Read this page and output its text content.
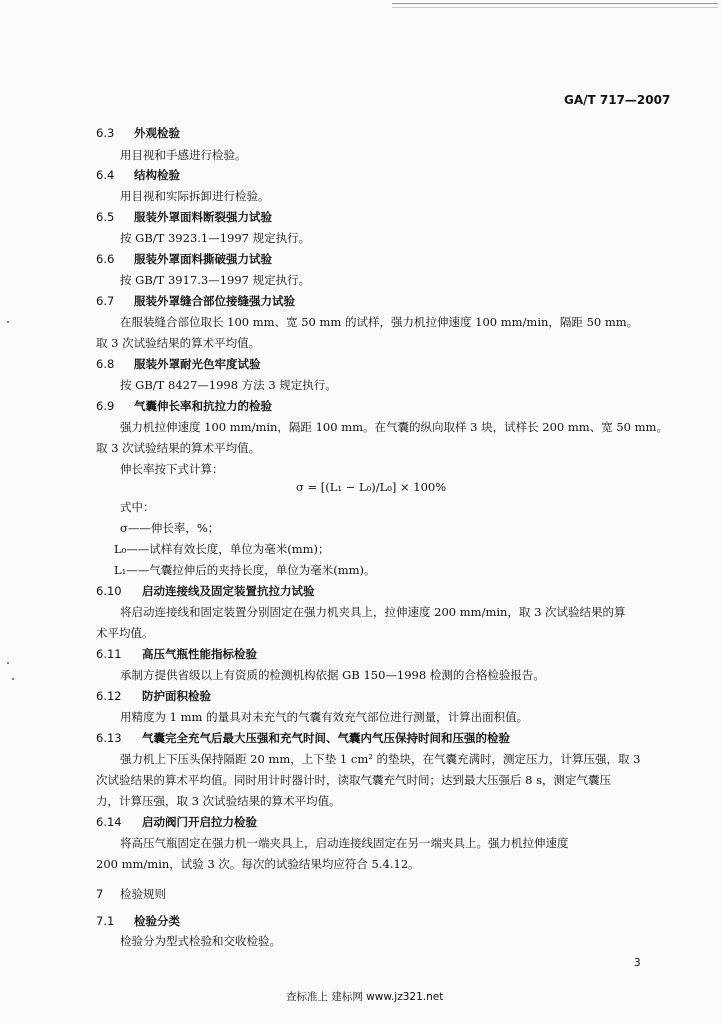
GA/T 717—2007
6.3 外观检验
用目视和手感进行检验。
6.4 结构检验
用目视和实际拆卸进行检验。
6.5 服装外罩面料断裂强力试验
按 GB/T 3923.1—1997 规定执行。
6.6 服装外罩面料撕破强力试验
按 GB/T 3917.3—1997 规定执行。
6.7 服装外罩缝合部位接缝强力试验
在服装缝合部位取长 100 mm、宽 50 mm 的试样，强力机拉伸速度 100 mm/min，隔距 50 mm。
取 3 次试验结果的算术平均值。
6.8 服装外罩耐光色牢度试验
按 GB/T 8427—1998 方法 3 规定执行。
6.9 气囊伸长率和抗拉力的检验
强力机拉伸速度 100 mm/min，隔距 100 mm。在气囊的纵向取样 3 块，试样长 200 mm、宽 50 mm。
取 3 次试验结果的算术平均值。
伸长率按下式计算：
σ = [(L₁ − L₀)/L₀] × 100%
式中：
σ——伸长率，%；
L₀——试样有效长度，单位为毫米(mm)；
L₁——气囊拉伸后的夹持长度，单位为毫米(mm)。
6.10 启动连接线及固定装置抗拉力试验
将启动连接线和固定装置分别固定在强力机夹具上，拉伸速度 200 mm/min，取 3 次试验结果的算
术平均值。
6.11 高压气瓶性能指标检验
承制方提供省级以上有资质的检测机构依据 GB 150—1998 检测的合格检验报告。
6.12 防护面积检验
用精度为 1 mm 的量具对未充气的气囊有效充气部位进行测量，计算出面积值。
6.13 气囊完全充气后最大压强和充气时间、气囊内气压保持时间和压强的检验
强力机上下压头保持隔距 20 mm，上下垫 1 cm² 的垫块，在气囊充满时，测定压力，计算压强，取 3
次试验结果的算术平均值。同时用计时器计时，读取气囊充气时间；达到最大压强后 8 s，测定气囊压
力，计算压强，取 3 次试验结果的算术平均值。
6.14 启动阀门开启拉力检验
将高压气瓶固定在强力机一端夹具上，启动连接线固定在另一端夹具上。强力机拉伸速度
200 mm/min，试验 3 次。每次的试验结果均应符合 5.4.12。
7 检验规则
7.1 检验分类
检验分为型式检验和交收检验。
3
查标准上 建标网 www.jz321.net
